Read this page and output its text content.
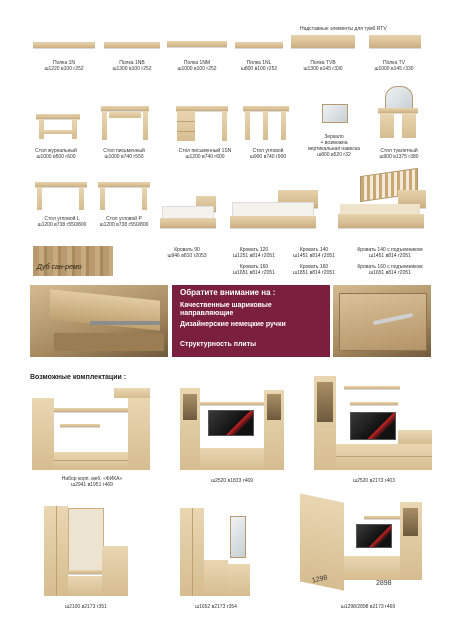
Надставные элементы для тумб RTV
Полка 1N
ш1220 в100 г252
Полка 1NB
ш1300 в100 г252
Полка 1NM
ш1000 в100 г252
Полка 1NL
ш800 в100 г252
Полка TVB
ш1300 в145 г330
Полка TV
ш1000 в145 г330
Стол журнальный
ш1000 в500 г600
Стол письменный
ш1000 в740 г550
Стол письменный 1SN
ш1200 в740 г600
Стол угловой
ш900 в740 г900
Зеркало
+ возможна
вертикальная навеска
ш800 в520 г32
Стол туалетный
ш900 в1375 г380
Стол угловой L
ш1200 в738 г550/800
Стол угловой P
ш1200 в738 г550/800
Кровать 90
ш946 в810 г2053
Кровать 120
ш1251 в814 г2051
Кровать 140
ш1451 в814 г2051
Кровать 140 с подъемником
ш1451 в814 г2051
Кровать 160
ш1651 в814 г2051
Кровать 160
ш1851 в814 г2051
Кровать 160 с подъемником
ш1651 в814 г2051
Дуб сан-ремо
Обратите внимание на :
Качественные шариковые направляющие
Дизайнерские немецкие ручки
Структурность плиты
Возможные комплектации :
Набор корп. меб. «ФИКА»
ш2941 в1951 г469
ш2520 в1833 г469	ш2520 в2173 г403
1298	2898
ш2100 в2173 г351	ш1652 в2173 г354	ш1298/2898 в2173 г469
